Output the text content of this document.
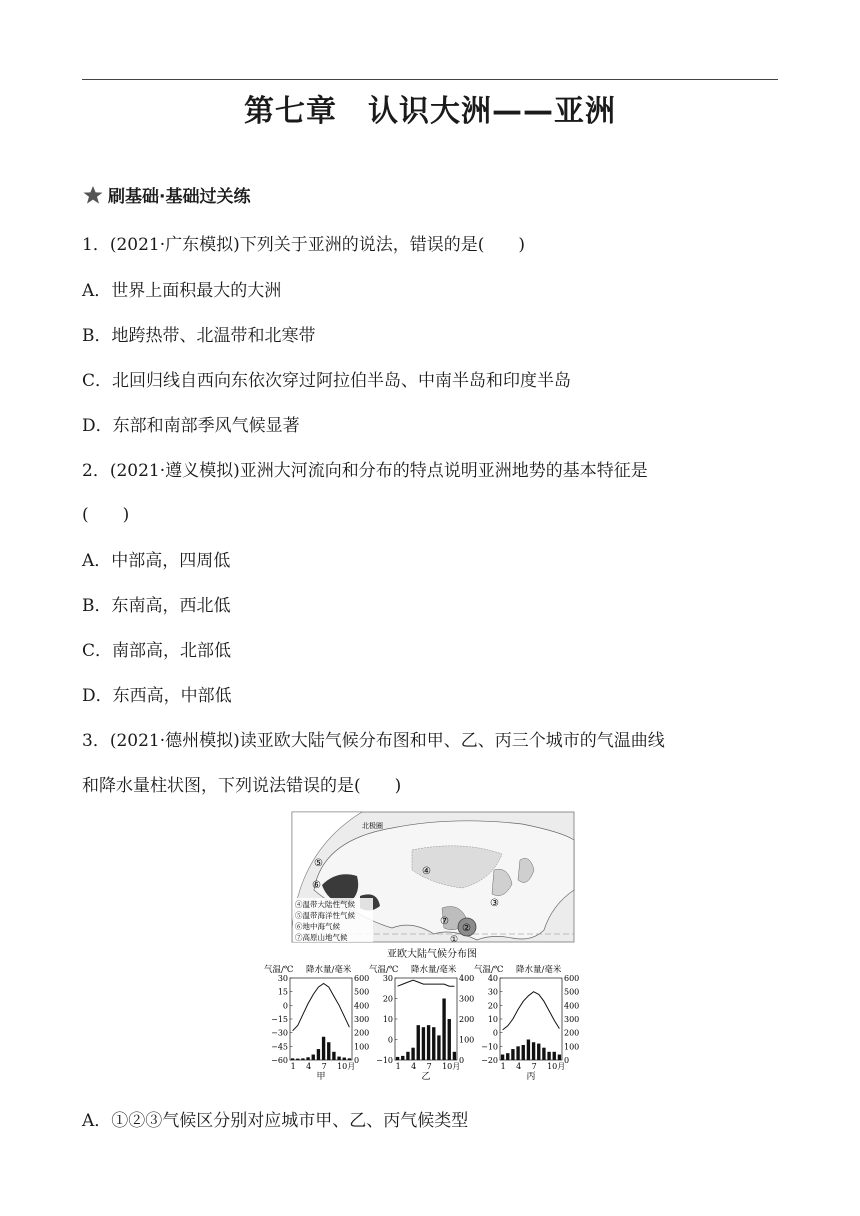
第七章　认识大洲——亚洲
刷基础·基础过关练
1．(2021·广东模拟)下列关于亚洲的说法，错误的是(　　)
A．世界上面积最大的大洲
B．地跨热带、北温带和北寒带
C．北回归线自西向东依次穿过阿拉伯半岛、中南半岛和印度半岛
D．东部和南部季风气候显著
2．(2021·遵义模拟)亚洲大河流向和分布的特点说明亚洲地势的基本特征是
(　　)
A．中部高，四周低
B．东南高，西北低
C．南部高，北部低
D．东西高，中部低
3．(2021·德州模拟)读亚欧大陆气候分布图和甲、乙、丙三个城市的气温曲线
和降水量柱状图，下列说法错误的是(　　)
北极圈
⑤
⑥
④
③
⑦
②
①
④温带大陆性气候
⑤温带海洋性气候
⑥地中海气候
⑦高原山地气候
亚欧大陆气候分布图
气温/℃ 降水量/毫米
30
15
0
−15
−30
−45
−60
600
500
400
300
200
100
0
1 4 7 10月
甲
气温/℃ 降水量/毫米
30
20
10
0
−10
400
300
200
100
0
1 4 7 10月
乙
气温/℃ 降水量/毫米
40
30
20
10
0
−10
−20
600
500
400
300
200
100
0
1 4 7 10月
丙
A．①②③气候区分别对应城市甲、乙、丙气候类型
